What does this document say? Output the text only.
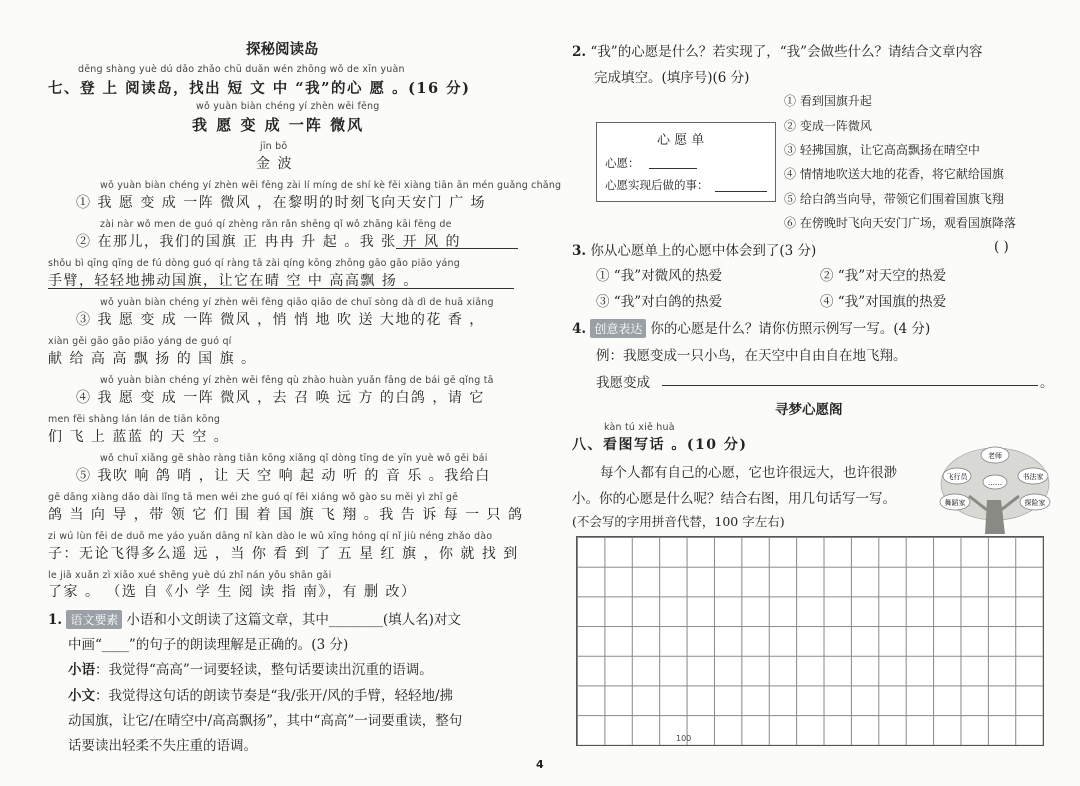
探秘阅读岛
dēng shàng yuè dú dǎo zhǎo chū duǎn wén zhōng wǒ de xīn yuàn
七、登 上 阅读岛，找出 短 文 中 “我”的心 愿 。(16 分)
wǒ yuàn biàn chéng yí zhèn wēi fēng
我 愿 变 成 一阵 微风
jīn bō
金 波
wǒ yuàn biàn chéng yí zhèn wēi fēng zài lí míng de shí kè fēi xiàng tiān ān mén guǎng chǎng
① 我 愿 变 成 一阵 微风 ，在黎明的时刻飞向天安门 广 场
zài nàr wǒ men de guó qí zhèng rǎn rǎn shēng qǐ wǒ zhāng kāi fēng de
② 在那儿，我们的国旗 正 冉冉 升 起 。我 张 开 风 的
shǒu bì qīng qīng de fú dòng guó qí ràng tā zài qíng kōng zhōng gāo gāo piāo yáng
手臂，轻轻地拂动国旗，让它在晴 空 中 高高飘 扬 。
wǒ yuàn biàn chéng yí zhèn wēi fēng qiāo qiāo de chuī sòng dà dì de huā xiāng
③ 我 愿 变 成 一阵 微风 ，悄 悄 地 吹 送 大地的花 香 ，
xiàn gěi gāo gāo piāo yáng de guó qí
献 给 高 高 飘 扬 的 国 旗 。
wǒ yuàn biàn chéng yí zhèn wēi fēng qù zhào huàn yuǎn fāng de bái gē qǐng tā
④ 我 愿 变 成 一阵 微风 ，去 召 唤 远 方 的白鸽 ，请 它
men fēi shàng lán lán de tiān kōng
们 飞 上 蓝蓝 的 天 空 。
wǒ chuī xiǎng gē shào ràng tiān kōng xiǎng qǐ dòng tīng de yīn yuè wǒ gěi bái
⑤ 我吹 响 鸽 哨 ，让 天 空 响 起 动 听 的 音 乐 。我给白
gē dāng xiàng dǎo dài lǐng tā men wéi zhe guó qí fēi xiáng wǒ gào su měi yì zhī gē
鸽 当 向 导 ，带 领 它 们 围 着 国 旗 飞 翔 。我 告 诉 每 一 只 鸽
zi wú lùn fēi de duō me yáo yuǎn dāng nǐ kàn dào le wǔ xīng hóng qí nǐ jiù néng zhǎo dào
子：无论飞得多么遥 远 ，当 你 看 到 了 五 星 红 旗 ，你 就 找 到
le jiā xuǎn zì xiǎo xué shēng yuè dú zhǐ nán yǒu shān gǎi
了家 。 （选 自《小 学 生 阅 读 指 南》，有 删 改）
1. 语文要素 小语和小文朗读了这篇文章，其中________(填人名)对文
中画“____”的句子的朗读理解是正确的。(3 分)
小语：我觉得“高高”一词要轻读，整句话要读出沉重的语调。
小文：我觉得这句话的朗读节奏是“我/张开/风的手臂，轻轻地/拂
动国旗，让它/在晴空中/高高飘扬”，其中“高高”一词要重读，整句
话要读出轻柔不失庄重的语调。
2. “我”的心愿是什么？若实现了，“我”会做些什么？请结合文章内容
完成填空。(填序号)(6 分)
心 愿 单
心愿：
心愿实现后做的事：
① 看到国旗升起
② 变成一阵微风
③ 轻拂国旗，让它高高飘扬在晴空中
④ 情情地吹送大地的花香，将它献给国旗
⑤ 给白鸽当向导，带领它们围着国旗飞翔
⑥ 在傍晚时飞向天安门广场，观看国旗降落
3. 你从心愿单上的心愿中体会到了(3 分)	( )
① “我”对微风的热爱	② “我”对天空的热爱
③ “我”对白鸽的热爱	④ “我”对国旗的热爱
4. 创意表达 你的心愿是什么？请你仿照示例写一写。(4 分)
例：我愿变成一只小鸟，在天空中自由自在地飞翔。
我愿变成	。
寻梦心愿阁
kàn tú xiě huà
八、看图写话 。(10 分)
每个人都有自己的心愿，它也许很远大，也许很渺
小。你的心愿是什么呢？结合右图，用几句话写一写。
(不会写的字用拼音代替，100 字左右)
老师
飞行员	书法家
……
舞蹈家	探险家
100
4
